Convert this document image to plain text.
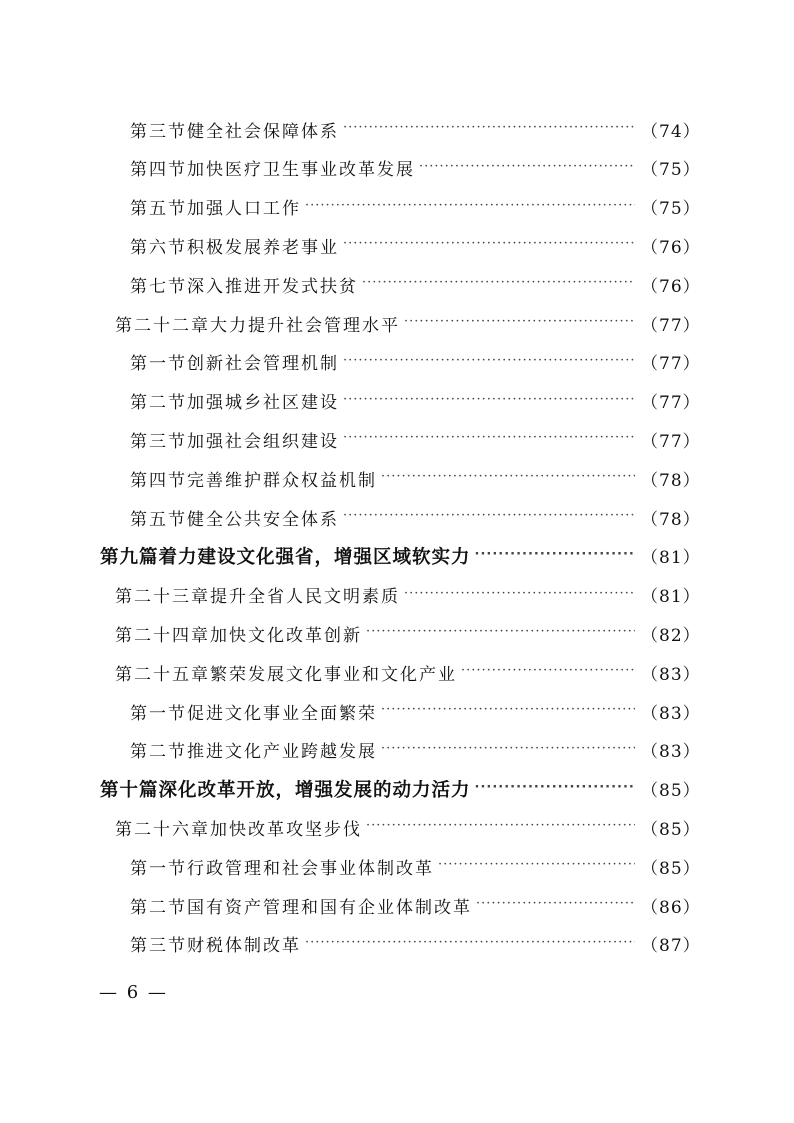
第三节 健全社会保障体系 ·····	（74）
第四节 加快医疗卫生事业改革发展 ·····	（75）
第五节 加强人口工作 ·····	（75）
第六节 积极发展养老事业 ·····	（76）
第七节 深入推进开发式扶贫 ·····	（76）
第二十二章 大力提升社会管理水平 ·····	（77）
第一节 创新社会管理机制 ·····	（77）
第二节 加强城乡社区建设 ·····	（77）
第三节 加强社会组织建设 ·····	（77）
第四节 完善维护群众权益机制 ·····	（78）
第五节 健全公共安全体系 ·····	（78）
第九篇 着力建设文化强省，增强区域软实力 ·····	（81）
第二十三章 提升全省人民文明素质 ·····	（81）
第二十四章 加快文化改革创新 ·····	（82）
第二十五章 繁荣发展文化事业和文化产业 ·····	（83）
第一节 促进文化事业全面繁荣 ·····	（83）
第二节 推进文化产业跨越发展 ·····	（83）
第十篇 深化改革开放，增强发展的动力活力 ·····	（85）
第二十六章 加快改革攻坚步伐 ·····	（85）
第一节 行政管理和社会事业体制改革 ·····	（85）
第二节 国有资产管理和国有企业体制改革 ·····	（86）
第三节 财税体制改革 ·····	（87）
— 6 —
